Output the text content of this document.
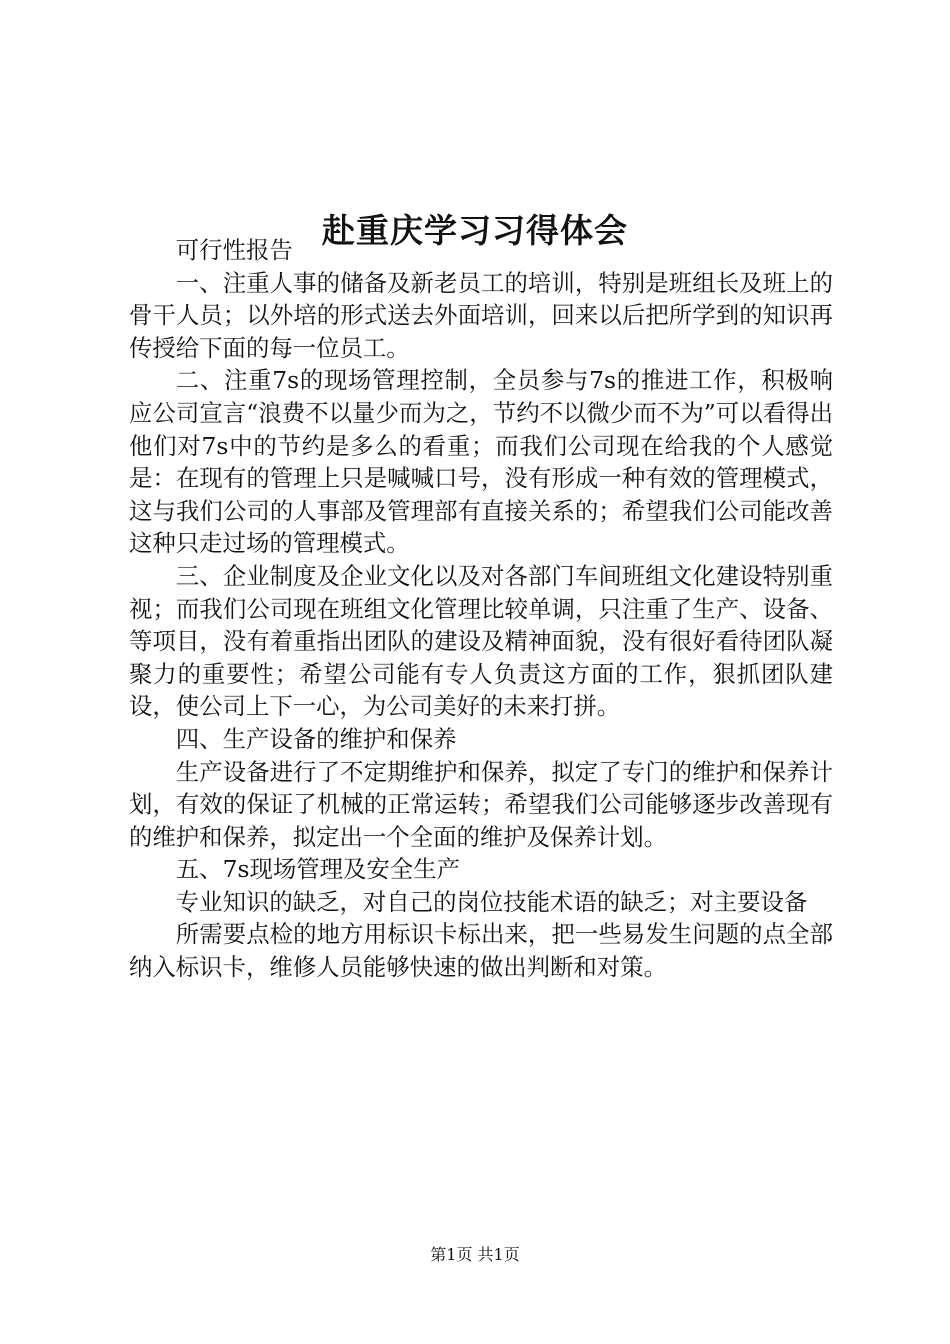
赴重庆学习习得体会

可行性报告

一、注重人事的储备及新老员工的培训，特别是班组长及班上的骨干人员；以外培的形式送去外面培训，回来以后把所学到的知识再传授给下面的每一位员工。

二、注重7s的现场管理控制，全员参与7s的推进工作，积极响应公司宣言“浪费不以量少而为之，节约不以微少而不为”可以看得出他们对7s中的节约是多么的看重；而我们公司现在给我的个人感觉是：在现有的管理上只是喊喊口号，没有形成一种有效的管理模式，这与我们公司的人事部及管理部有直接关系的；希望我们公司能改善这种只走过场的管理模式。

三、企业制度及企业文化以及对各部门车间班组文化建设特别重视；而我们公司现在班组文化管理比较单调，只注重了生产、设备、等项目，没有着重指出团队的建设及精神面貌，没有很好看待团队凝聚力的重要性；希望公司能有专人负责这方面的工作，狠抓团队建设，使公司上下一心，为公司美好的未来打拼。

四、生产设备的维护和保养

生产设备进行了不定期维护和保养，拟定了专门的维护和保养计划，有效的保证了机械的正常运转；希望我们公司能够逐步改善现有的维护和保养，拟定出一个全面的维护及保养计划。

五、7s现场管理及安全生产

专业知识的缺乏，对自己的岗位技能术语的缺乏；对主要设备

所需要点检的地方用标识卡标出来，把一些易发生问题的点全部纳入标识卡，维修人员能够快速的做出判断和对策。

第1页 共1页
